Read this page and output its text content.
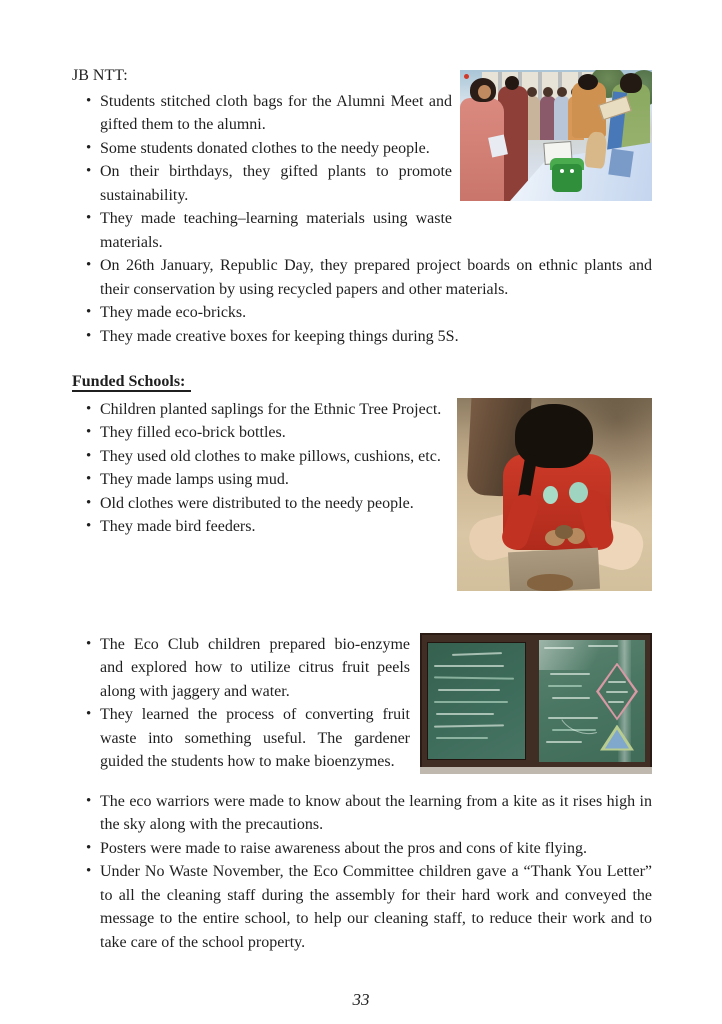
JB NTT:
• Students stitched cloth bags for the Alumni Meet and gifted them to the alumni.
• Some students donated clothes to the needy people.
• On their birthdays, they gifted plants to promote sustainability.
• They made teaching–learning materials using waste materials.
• On 26th January, Republic Day, they prepared project boards on ethnic plants and their conservation by using recycled papers and other materials.
• They made eco-bricks.
• They made creative boxes for keeping things during 5S.
Funded Schools:
• Children planted saplings for the Ethnic Tree Project.
• They filled eco-brick bottles.
• They used old clothes to make pillows, cushions, etc.
• They made lamps using mud.
• Old clothes were distributed to the needy people.
• They made bird feeders.
• The Eco Club children prepared bio-enzyme and explored how to utilize citrus fruit peels along with jaggery and water.
• They learned the process of converting fruit waste into something useful. The gardener guided the students how to make bioenzymes.
• The eco warriors were made to know about the learning from a kite as it rises high in the sky along with the precautions.
• Posters were made to raise awareness about the pros and cons of kite flying.
• Under No Waste November, the Eco Committee children gave a “Thank You Letter” to all the cleaning staff during the assembly for their hard work and conveyed the message to the entire school, to help our cleaning staff, to reduce their work and to take care of the school property.
33
